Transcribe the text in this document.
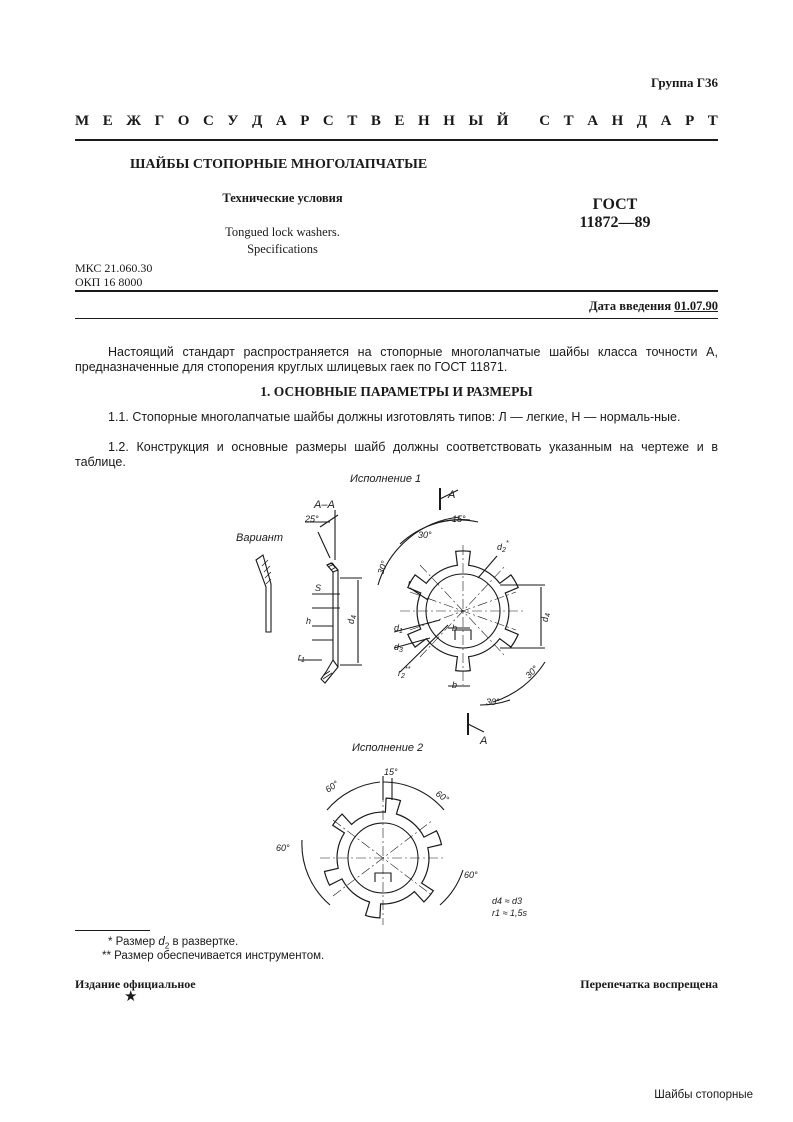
Группа Г36
М Е Ж Г О С У Д А Р С Т В Е Н Н Ы Й
С Т А Н Д А Р Т
ШАЙБЫ СТОПОРНЫЕ МНОГОЛАПЧАТЫЕ
Технические условия
Tongued lock washers.
Specifications
ГОСТ
11872—89
МКС 21.060.30
ОКП 16 8000
Дата введения 01.07.90
Настоящий стандарт распространяется на стопорные многолапчатые шайбы класса точности А, предназначенные для стопорения круглых шлицевых гаек по ГОСТ 11871.
1. ОСНОВНЫЕ ПАРАМЕТРЫ И РАЗМЕРЫ
1.1. Стопорные многолапчатые шайбы должны изготовлять типов: Л — легкие, Н — нормаль-ные.
1.2. Конструкция и основные размеры шайб должны соответствовать указанным на чертеже и в таблице.
Исполнение 1
А–А
25°
Вариант
S
h
$r_1$
$d_4$
А
А
30°
15°
30°
30°
30°
r
$d_2^*$
$d_1$
$d_3$
b
b
$r_2^{**}$
$d_4$
Исполнение 2
15°
60°
60°
60°
60°
d4 ≈ d3
r1 ≈ 1,5s
* Размер $d_2$ в развертке.
** Размер обеспечивается инструментом.
Издание официальное	Перепечатка воспрещена
★
Шайбы стопорные
